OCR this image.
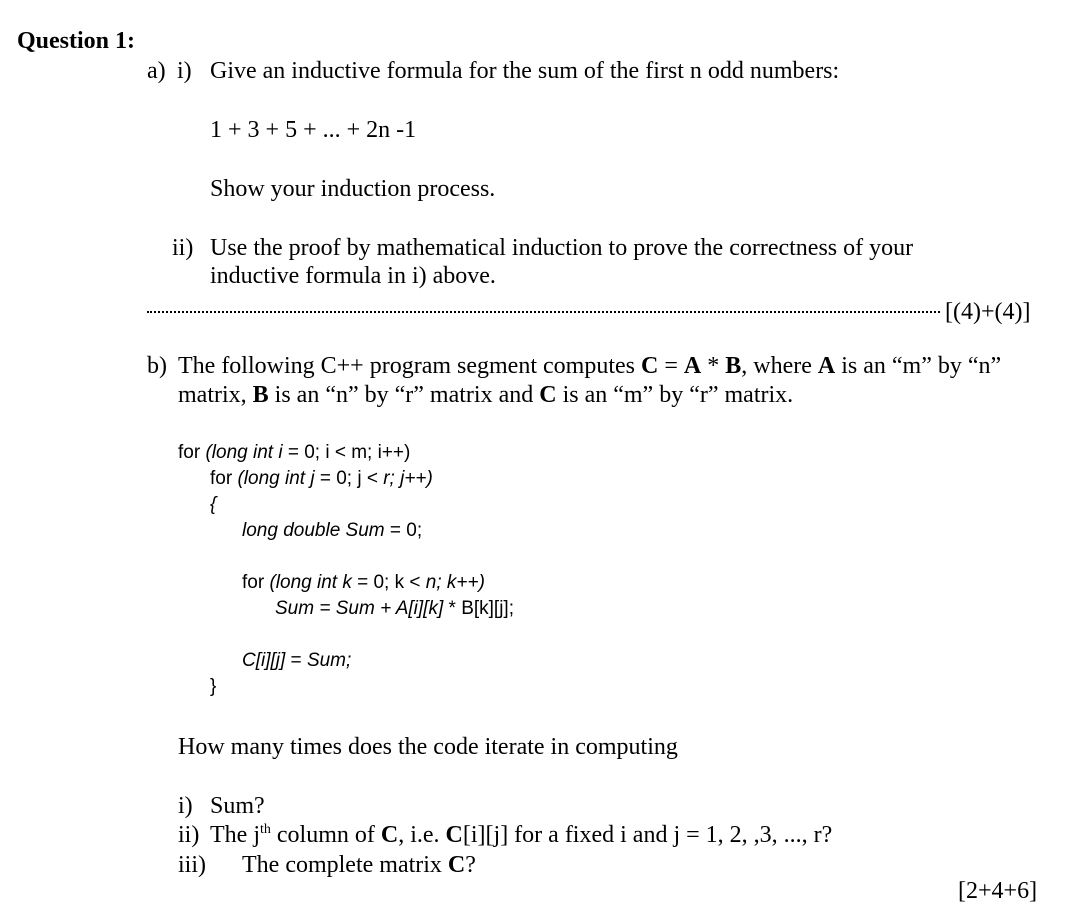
Question 1:
a) i) Give an inductive formula for the sum of the first n odd numbers:
1 + 3 + 5 + ... + 2n -1
Show your induction process.
ii) Use the proof by mathematical induction to prove the correctness of your
inductive formula in i) above.
[(4)+(4)]
b) The following C++ program segment computes C = A * B, where A is an “m” by “n”
matrix, B is an “n” by “r” matrix and C is an “m” by “r” matrix.
for (long int i = 0; i < m; i++)
for (long int j = 0; j < r; j++)
{
long double Sum = 0;
for (long int k = 0; k < n; k++)
Sum = Sum + A[i][k] * B[k][j];
C[i][j] = Sum;
}
How many times does the code iterate in computing
i) Sum?
ii) The $j^{th}$ column of C, i.e. C[i][j] for a fixed i and j = 1, 2, ,3, ..., r?
iii) The complete matrix C?
[2+4+6]
